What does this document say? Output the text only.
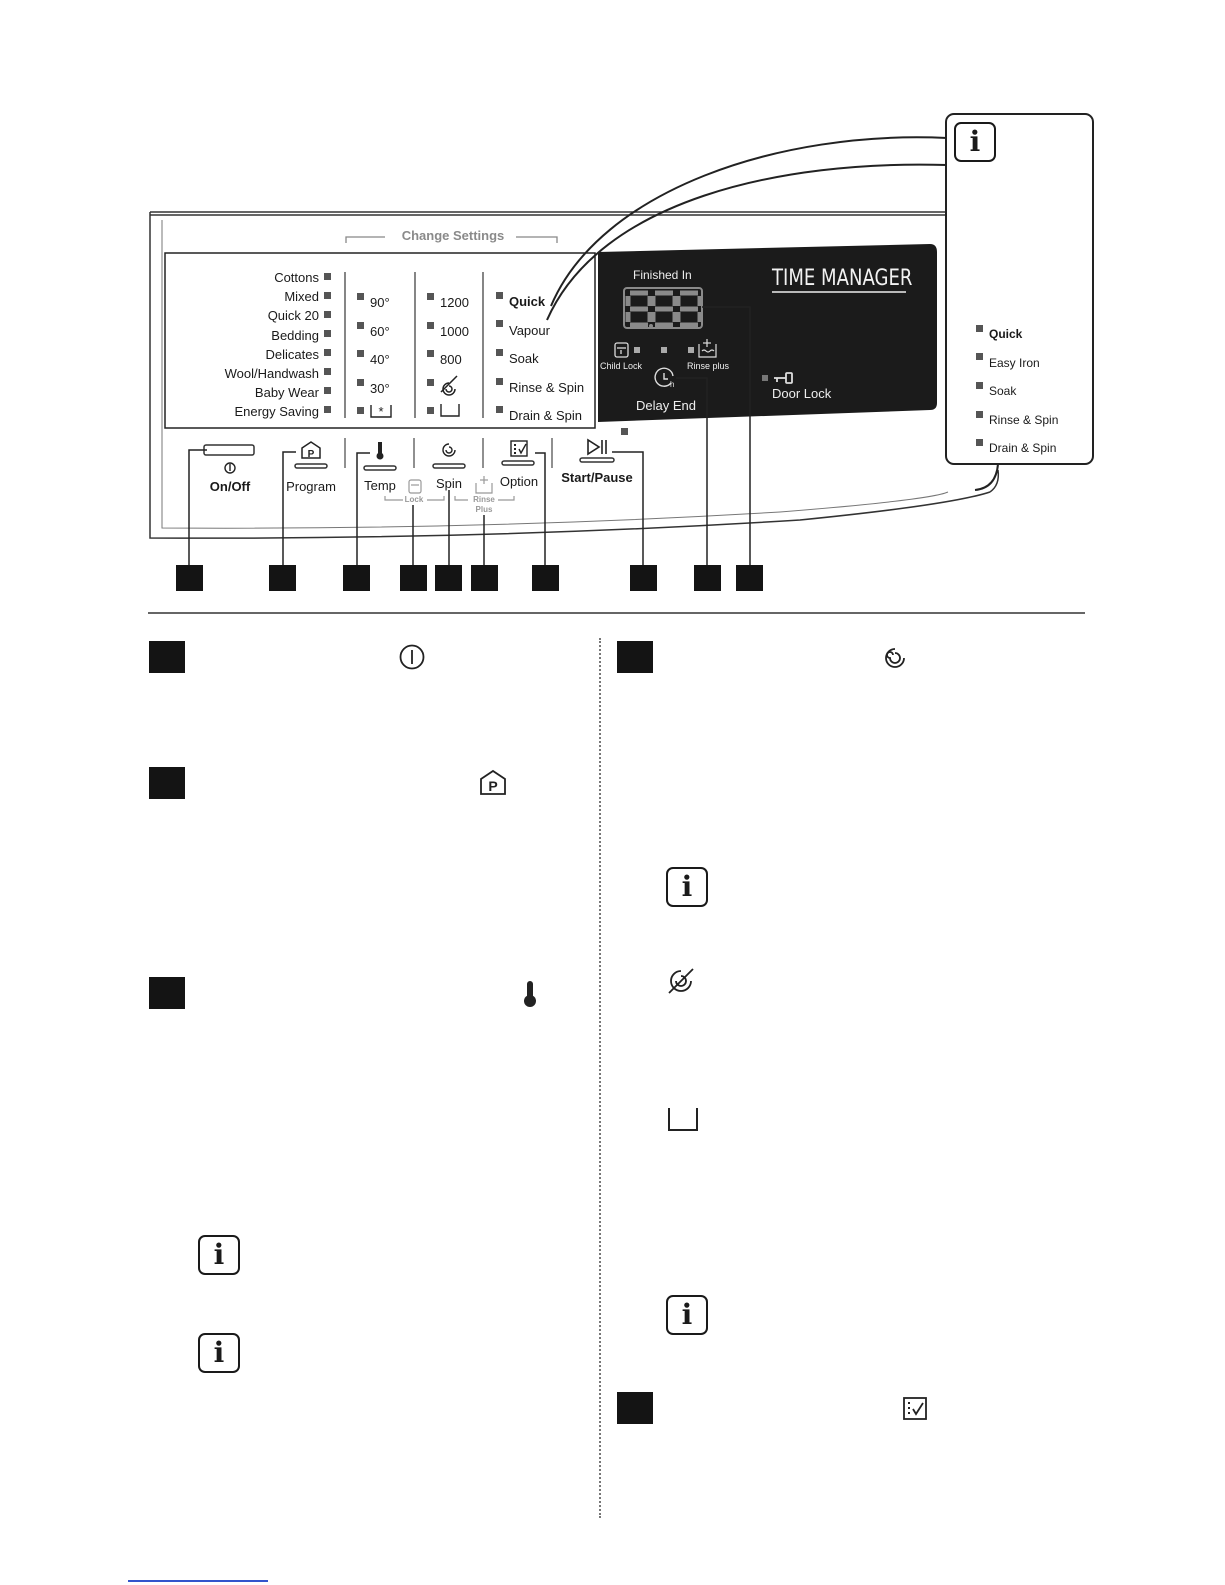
*
h
P
Change Settings
Cottons
Mixed
Quick 20
Bedding
Delicates
Wool/Handwash
Baby Wear
Energy Saving
90°
60°
40°
30°
1200
1000
800
Quick
Vapour
Soak
Rinse & Spin
Drain & Spin
Finished In	TIME MANAGER
Child Lock	Rinse plus
Delay End
Door Lock
On/Off	Program	Temp	Spin	Option	Start/Pause
Lock	Rinse
Plus
i
Quick
Easy Iron
Soak
Rinse & Spin
Drain & Spin
P
i
i
i
i
